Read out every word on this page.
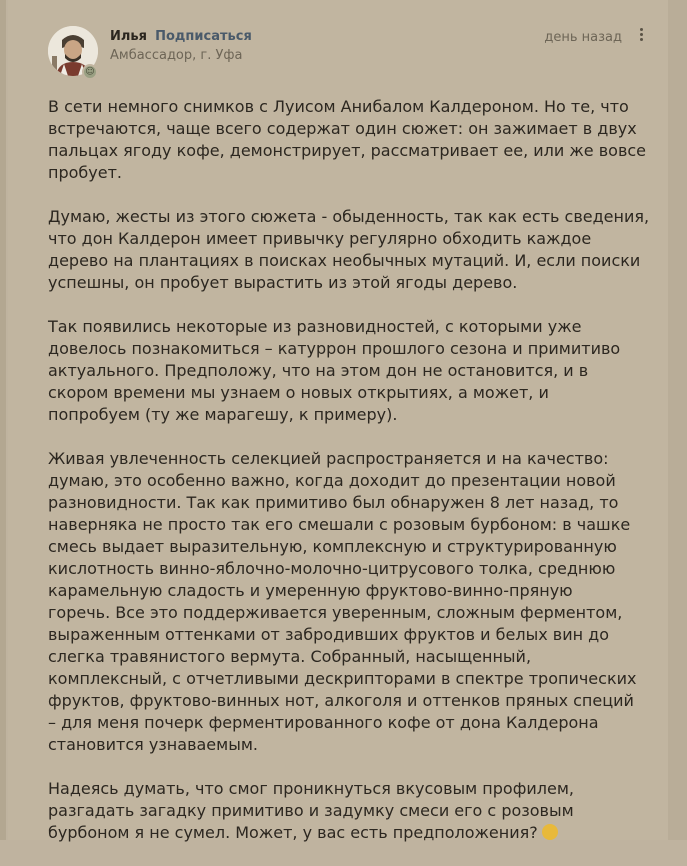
☺
Илья Подписаться
Амбассадор, г. Уфа
день назад

В сети немного снимков с Луисом Анибалом Калдероном. Но те, что
встречаются, чаще всего содержат один сюжет: он зажимает в двух
пальцах ягоду кофе, демонстрирует, рассматривает ее, или же вовсе
пробует.

Думаю, жесты из этого сюжета - обыденность, так как есть сведения,
что дон Калдерон имеет привычку регулярно обходить каждое
дерево на плантациях в поисках необычных мутаций. И, если поиски
успешны, он пробует вырастить из этой ягоды дерево.

Так появились некоторые из разновидностей, с которыми уже
довелось познакомиться – катуррон прошлого сезона и примитиво
актуального. Предположу, что на этом дон не остановится, и в
скором времени мы узнаем о новых открытиях, а может, и
попробуем (ту же марагешу, к примеру).

Живая увлеченность селекцией распространяется и на качество:
думаю, это особенно важно, когда доходит до презентации новой
разновидности. Так как примитиво был обнаружен 8 лет назад, то
наверняка не просто так его смешали с розовым бурбоном: в чашке
смесь выдает выразительную, комплексную и структурированную
кислотность винно-яблочно-молочно-цитрусового толка, среднюю
карамельную сладость и умеренную фруктово-винно-пряную
горечь. Все это поддерживается уверенным, сложным ферментом,
выраженным оттенками от забродивших фруктов и белых вин до
слегка травянистого вермута. Собранный, насыщенный,
комплексный, с отчетливыми дескрипторами в спектре тропических
фруктов, фруктово-винных нот, алкоголя и оттенков пряных специй
– для меня почерк ферментированного кофе от дона Калдерона
становится узнаваемым.

Надеясь думать, что смог проникнуться вкусовым профилем,
разгадать загадку примитиво и задумку смеси его с розовым
бурбоном я не сумел. Может, у вас есть предположения?
